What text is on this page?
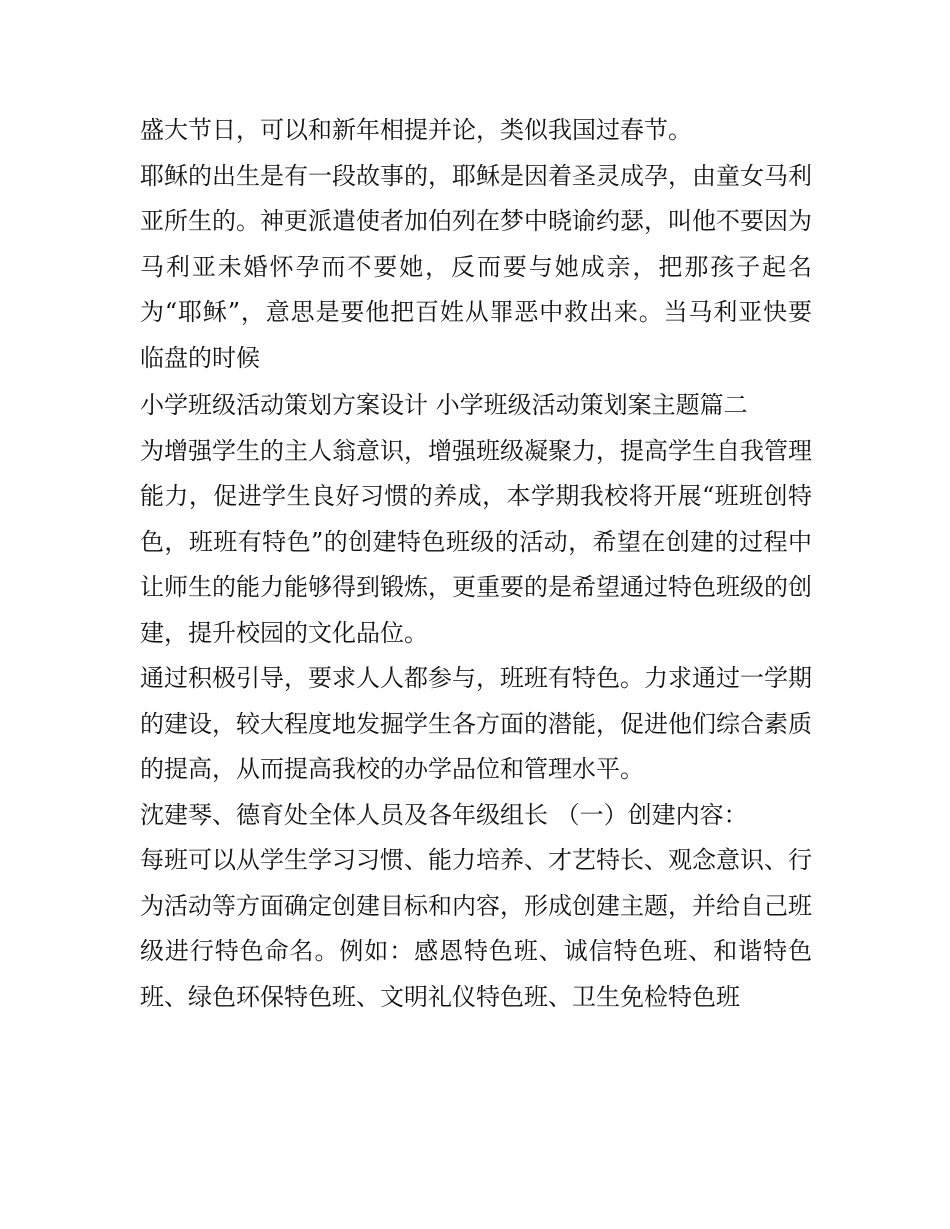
盛大节日，可以和新年相提并论，类似我国过春节。

耶稣的出生是有一段故事的，耶稣是因着圣灵成孕，由童女马利亚所生的。神更派遣使者加伯列在梦中晓谕约瑟，叫他不要因为马利亚未婚怀孕而不要她，反而要与她成亲，把那孩子起名为“耶稣”，意思是要他把百姓从罪恶中救出来。当马利亚快要临盘的时候

小学班级活动策划方案设计 小学班级活动策划案主题篇二

为增强学生的主人翁意识，增强班级凝聚力，提高学生自我管理能力，促进学生良好习惯的养成，本学期我校将开展“班班创特色，班班有特色”的创建特色班级的活动，希望在创建的过程中让师生的能力能够得到锻炼，更重要的是希望通过特色班级的创建，提升校园的文化品位。

通过积极引导，要求人人都参与，班班有特色。力求通过一学期的建设，较大程度地发掘学生各方面的潜能，促进他们综合素质的提高，从而提高我校的办学品位和管理水平。

沈建琴、德育处全体人员及各年级组长 （一）创建内容：

每班可以从学生学习习惯、能力培养、才艺特长、观念意识、行为活动等方面确定创建目标和内容，形成创建主题，并给自己班级进行特色命名。例如：感恩特色班、诚信特色班、和谐特色班、绿色环保特色班、文明礼仪特色班、卫生免检特色班
